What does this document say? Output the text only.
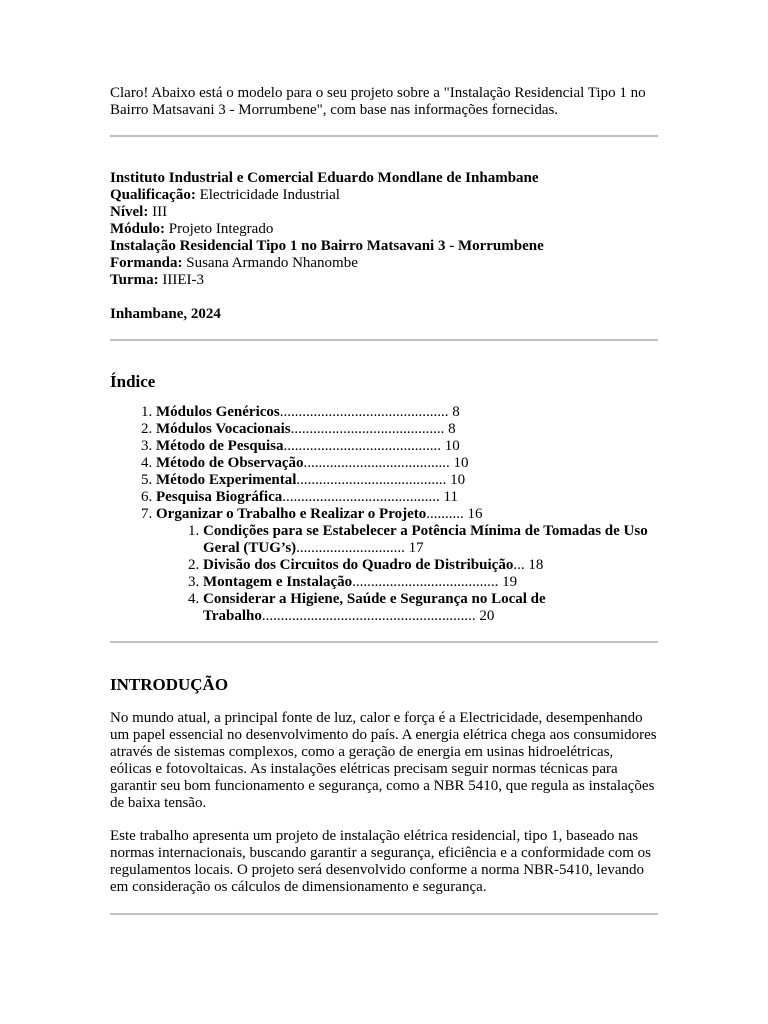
Claro! Abaixo está o modelo para o seu projeto sobre a "Instalação Residencial Tipo 1 no Bairro Matsavani 3 - Morrumbene", com base nas informações fornecidas.

Instituto Industrial e Comercial Eduardo Mondlane de Inhambane

Qualificação: Electricidade Industrial

Nível: III

Módulo: Projeto Integrado

Instalação Residencial Tipo 1 no Bairro Matsavani 3 - Morrumbene

Formanda: Susana Armando Nhanombe

Turma: IIIEI-3

Inhambane, 2024

Índice
1. Módulos Genéricos............................................. 8
2. Módulos Vocacionais......................................... 8
3. Método de Pesquisa.......................................... 10
4. Método de Observação....................................... 10
5. Método Experimental........................................ 10
6. Pesquisa Biográfica.......................................... 11
7. Organizar o Trabalho e Realizar o Projeto.......... 16
1. Condições para se Estabelecer a Potência Mínima de Tomadas de Uso Geral (TUG’s)............................. 17
2. Divisão dos Circuitos do Quadro de Distribuição... 18
3. Montagem e Instalação....................................... 19
4. Considerar a Higiene, Saúde e Segurança no Local de Trabalho......................................................... 20
INTRODUÇÃO

No mundo atual, a principal fonte de luz, calor e força é a Electricidade, desempenhando um papel essencial no desenvolvimento do país. A energia elétrica chega aos consumidores através de sistemas complexos, como a geração de energia em usinas hidroelétricas, eólicas e fotovoltaicas. As instalações elétricas precisam seguir normas técnicas para garantir seu bom funcionamento e segurança, como a NBR 5410, que regula as instalações de baixa tensão.

Este trabalho apresenta um projeto de instalação elétrica residencial, tipo 1, baseado nas normas internacionais, buscando garantir a segurança, eficiência e a conformidade com os regulamentos locais. O projeto será desenvolvido conforme a norma NBR-5410, levando em consideração os cálculos de dimensionamento e segurança.
